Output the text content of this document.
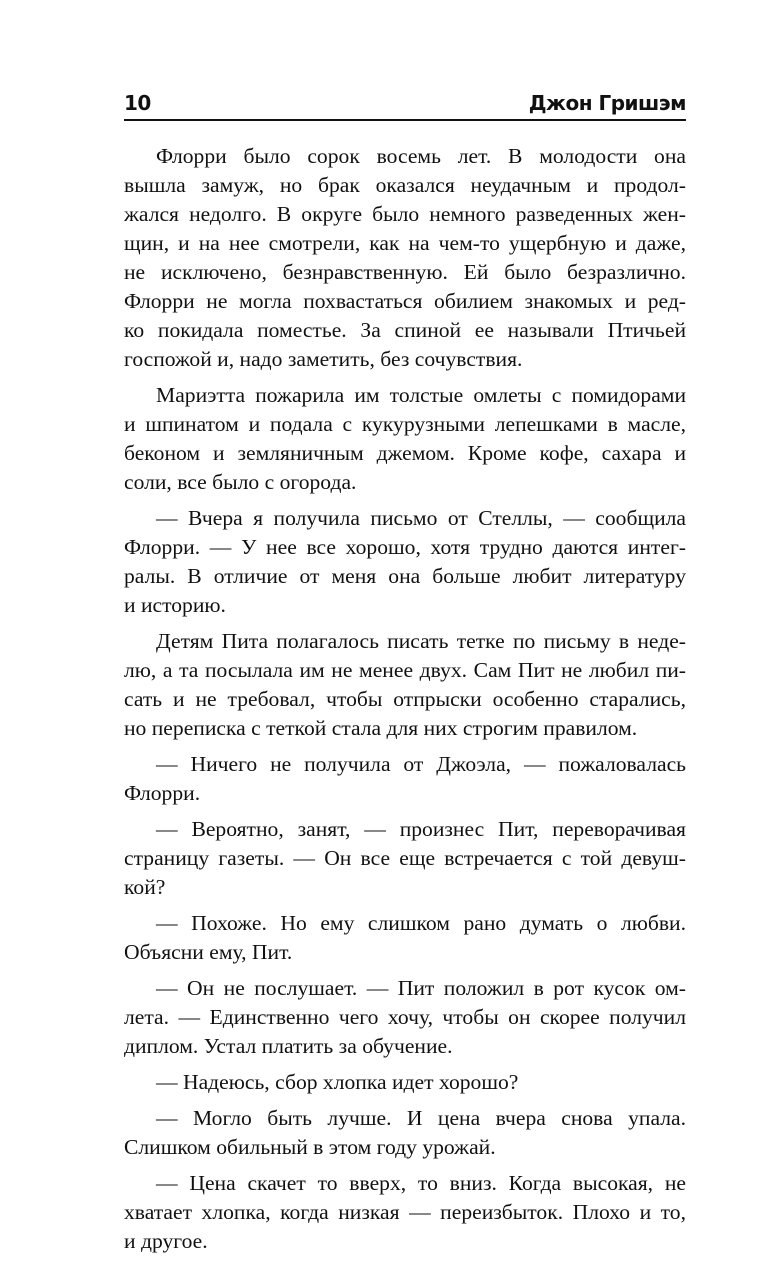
10	Джон Гришэм
Флорри было сорок восемь лет. В молодости она
вышла замуж, но брак оказался неудачным и продол-
жался недолго. В округе было немного разведенных жен-
щин, и на нее смотрели, как на чем-то ущербную и даже,
не исключено, безнравственную. Ей было безразлично.
Флорри не могла похвастаться обилием знакомых и ред-
ко покидала поместье. За спиной ее называли Птичьей
госпожой и, надо заметить, без сочувствия.
Мариэтта пожарила им толстые омлеты с помидорами
и шпинатом и подала с кукурузными лепешками в масле,
беконом и земляничным джемом. Кроме кофе, сахара и
соли, все было с огорода.
— Вчера я получила письмо от Стеллы, — сообщила
Флорри. — У нее все хорошо, хотя трудно даются интег-
ралы. В отличие от меня она больше любит литературу
и историю.
Детям Пита полагалось писать тетке по письму в неде-
лю, а та посылала им не менее двух. Сам Пит не любил пи-
сать и не требовал, чтобы отпрыски особенно старались,
но переписка с теткой стала для них строгим правилом.
— Ничего не получила от Джоэла, — пожаловалась
Флорри.
— Вероятно, занят, — произнес Пит, переворачивая
страницу газеты. — Он все еще встречается с той девуш-
кой?
— Похоже. Но ему слишком рано думать о любви.
Объясни ему, Пит.
— Он не послушает. — Пит положил в рот кусок ом-
лета. — Единственно чего хочу, чтобы он скорее получил
диплом. Устал платить за обучение.
— Надеюсь, сбор хлопка идет хорошо?
— Могло быть лучше. И цена вчера снова упала.
Слишком обильный в этом году урожай.
— Цена скачет то вверх, то вниз. Когда высокая, не
хватает хлопка, когда низкая — переизбыток. Плохо и то,
и другое.
